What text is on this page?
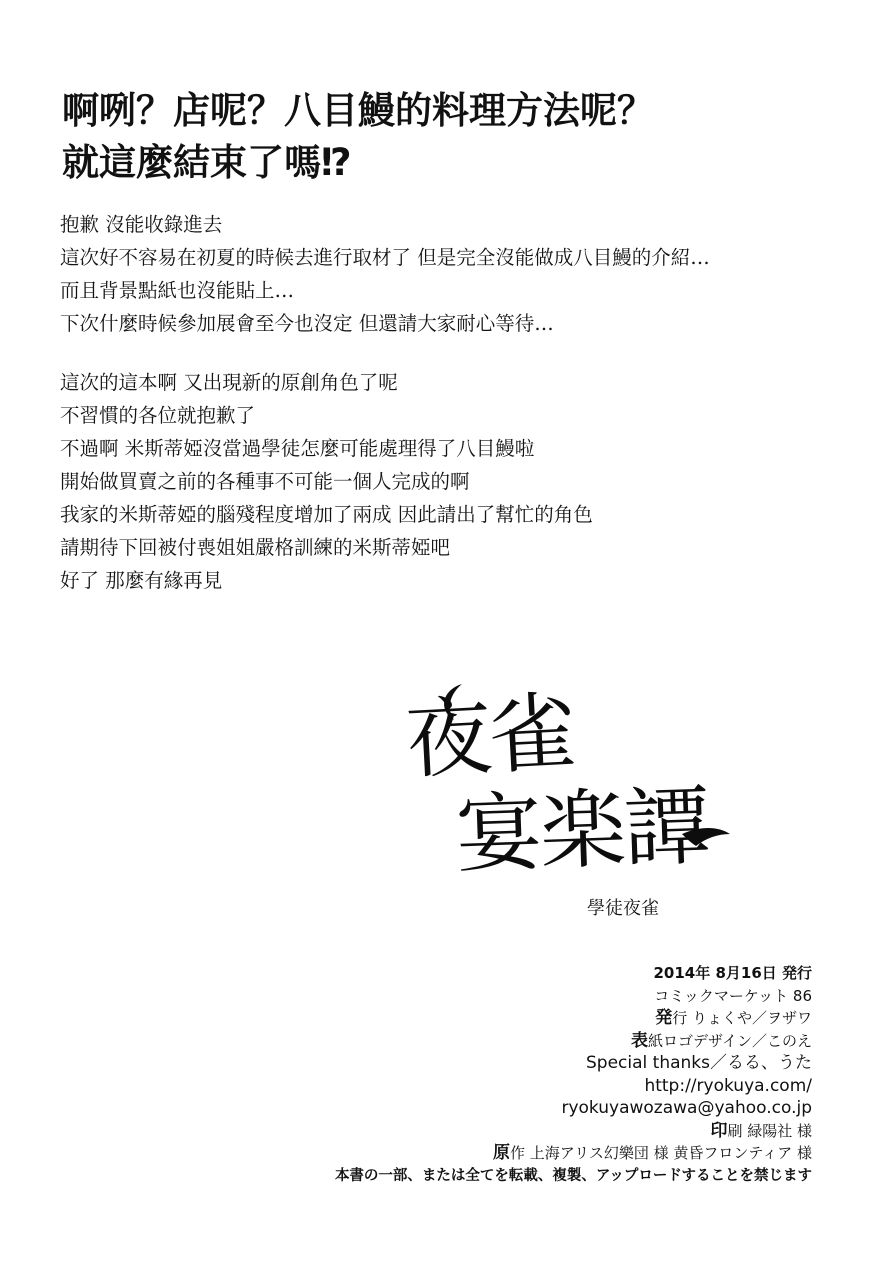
啊咧？店呢？八目鰻的料理方法呢？
就這麼結束了嗎⁉
抱歉 沒能收錄進去
這次好不容易在初夏的時候去進行取材了 但是完全沒能做成八目鰻的介紹…
而且背景點紙也沒能貼上…
下次什麼時候參加展會至今也沒定 但還請大家耐心等待…
這次的這本啊 又出現新的原創角色了呢
不習慣的各位就抱歉了
不過啊 米斯蒂婭沒當過學徒怎麼可能處理得了八目鰻啦
開始做買賣之前的各種事不可能一個人完成的啊
我家的米斯蒂婭的腦殘程度增加了兩成 因此請出了幫忙的角色
請期待下回被付喪姐姐嚴格訓練的米斯蒂婭吧
好了 那麼有緣再見
夜雀
宴楽譚
學徒夜雀
2014年 8月16日 発行
コミックマーケット 86
発行 りょくや／ヲザワ
表紙ロゴデザイン／このえ
Special thanks／るる、うた
http://ryokuya.com/
ryokuyawozawa@yahoo.co.jp
印刷 緑陽社 様
原作 上海アリス幻樂団 様 黄昏フロンティア 様
本書の一部、または全てを転載、複製、アップロードすることを禁じます
